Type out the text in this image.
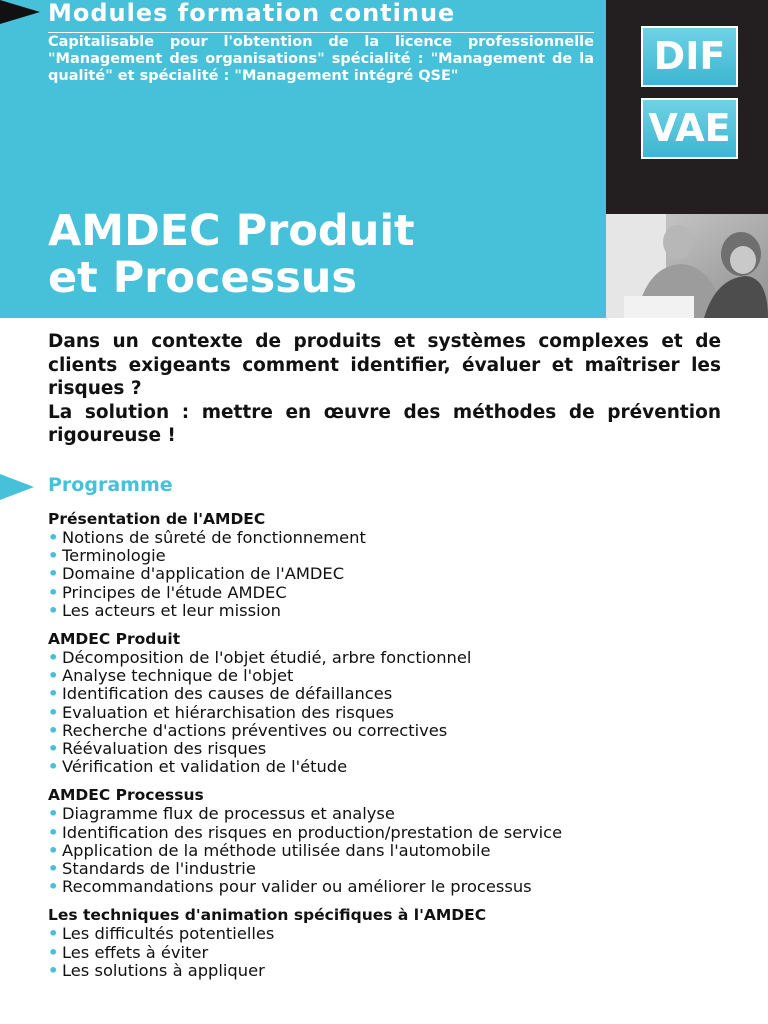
Modules formation continue
Capitalisable pour l'obtention de la licence professionnelle "Management des organisations" spécialité : "Management de la qualité" et spécialité : "Management intégré QSE"
AMDEC Produit
et Processus
DIF
VAE

Dans un contexte de produits et systèmes complexes et de clients exigeants comment identifier, évaluer et maîtriser les risques ?

La solution : mettre en œuvre des méthodes de prévention rigoureuse !

Programme
Présentation de l'AMDEC
• Notions de sûreté de fonctionnement
• Terminologie
• Domaine d'application de l'AMDEC
• Principes de l'étude AMDEC
• Les acteurs et leur mission
AMDEC Produit
• Décomposition de l'objet étudié, arbre fonctionnel
• Analyse technique de l'objet
• Identification des causes de défaillances
• Evaluation et hiérarchisation des risques
• Recherche d'actions préventives ou correctives
• Réévaluation des risques
• Vérification et validation de l'étude
AMDEC Processus
• Diagramme flux de processus et analyse
• Identification des risques en production/prestation de service
• Application de la méthode utilisée dans l'automobile
• Standards de l'industrie
• Recommandations pour valider ou améliorer le processus
Les techniques d'animation spécifiques à l'AMDEC
• Les difficultés potentielles
• Les effets à éviter
• Les solutions à appliquer
